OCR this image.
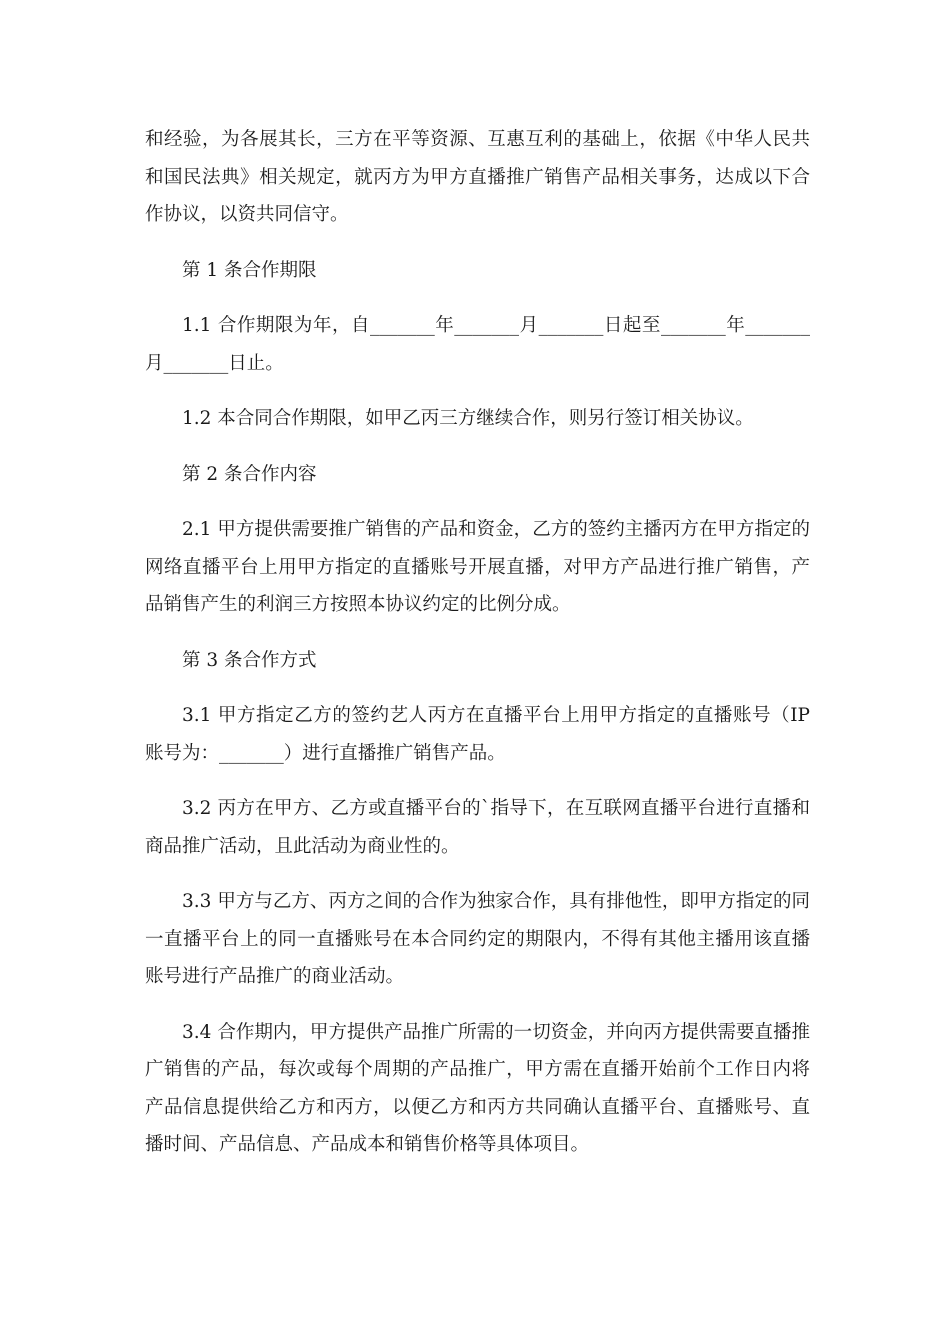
和经验，为各展其长，三方在平等资源、互惠互利的基础上，依据《中华人民共和国民法典》相关规定，就丙方为甲方直播推广销售产品相关事务，达成以下合作协议，以资共同信守。

第 1 条合作期限

1.1 合作期限为年，自_______年_______月_______日起至_______年_______月_______日止。

1.2 本合同合作期限，如甲乙丙三方继续合作，则另行签订相关协议。

第 2 条合作内容

2.1 甲方提供需要推广销售的产品和资金，乙方的签约主播丙方在甲方指定的网络直播平台上用甲方指定的直播账号开展直播，对甲方产品进行推广销售，产品销售产生的利润三方按照本协议约定的比例分成。

第 3 条合作方式

3.1 甲方指定乙方的签约艺人丙方在直播平台上用甲方指定的直播账号（IP 账号为：_______）进行直播推广销售产品。

3.2 丙方在甲方、乙方或直播平台的`指导下，在互联网直播平台进行直播和商品推广活动，且此活动为商业性的。

3.3 甲方与乙方、丙方之间的合作为独家合作，具有排他性，即甲方指定的同一直播平台上的同一直播账号在本合同约定的期限内，不得有其他主播用该直播账号进行产品推广的商业活动。

3.4 合作期内，甲方提供产品推广所需的一切资金，并向丙方提供需要直播推广销售的产品，每次或每个周期的产品推广，甲方需在直播开始前个工作日内将产品信息提供给乙方和丙方，以便乙方和丙方共同确认直播平台、直播账号、直播时间、产品信息、产品成本和销售价格等具体项目。
